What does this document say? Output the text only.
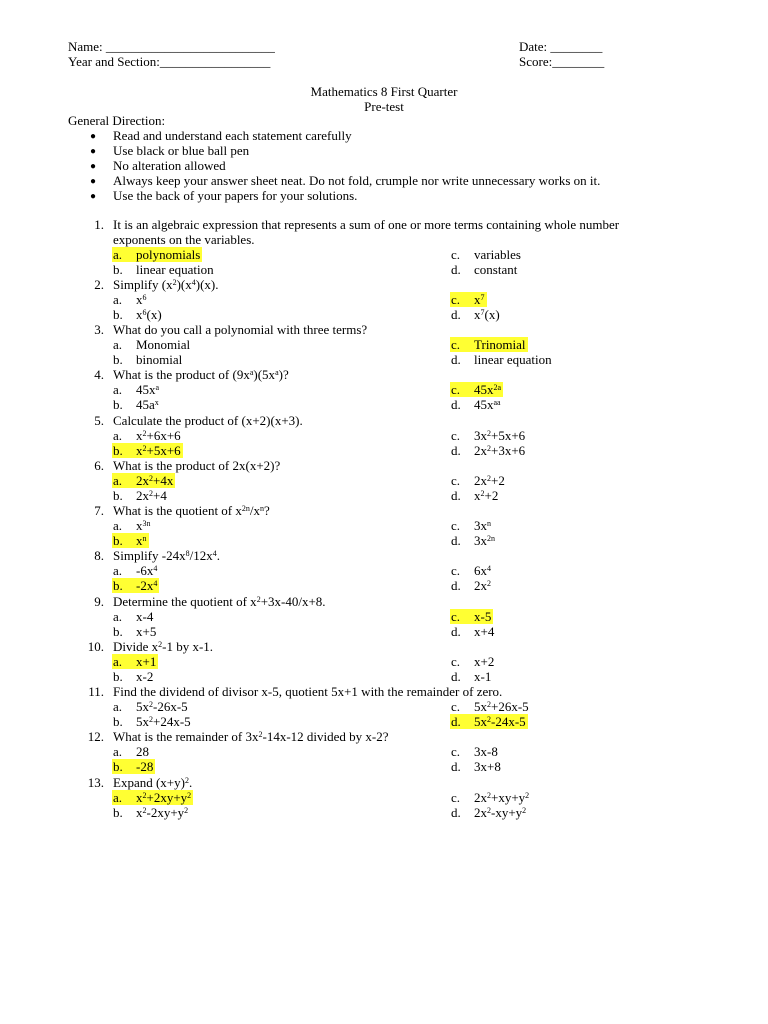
Name: __________________________	Date: ________
Year and Section:_________________	Score:________
Mathematics 8 First Quarter
Pre-test
General Direction:
● Read and understand each statement carefully
● Use black or blue ball pen
● No alteration allowed
● Always keep your answer sheet neat. Do not fold, crumple nor write unnecessary works on it.
● Use the back of your papers for your solutions.
1. It is an algebraic expression that represents a sum of one or more terms containing whole number
exponents on the variables.
a. polynomials	c. variables
b. linear equation	d. constant
2. Simplify $(x^2)(x^4)(x)$.
a. $x^6$	c. $x^7$
b. $x^6(x)$	d. $x^7(x)$
3. What do you call a polynomial with three terms?
a. Monomial	c. Trinomial
b. binomial	d. linear equation
4. What is the product of $(9x^a)(5x^a)$?
a. $45x^a$	c. $45x^{2a}$
b. $45a^x$	d. $45x^{aa}$
5. Calculate the product of (x+2)(x+3).
a. $x^2+6x+6$	c. $3x^2+5x+6$
b. $x^2+5x+6$	d. $2x^2+3x+6$
6. What is the product of 2x(x+2)?
a. $2x^2+4x$	c. $2x^2+2$
b. $2x^2+4$	d. $x^2+2$
7. What is the quotient of $x^{2n}/x^n$?
a. $x^{3n}$	c. $3x^n$
b. $x^n$	d. $3x^{2n}$
8. Simplify $-24x^8/12x^4$.
a. $-6x^4$	c. $6x^4$
b. $-2x^4$	d. $2x^2$
9. Determine the quotient of $x^2+3x-40/x+8$.
a. x-4	c. x-5
b. x+5	d. x+4
10. Divide $x^2-1$ by x-1.
a. x+1	c. x+2
b. x-2	d. x-1
11. Find the dividend of divisor x-5, quotient 5x+1 with the remainder of zero.
a. $5x^2-26x-5$	c. $5x^2+26x-5$
b. $5x^2+24x-5$	d. $5x^2-24x-5$
12. What is the remainder of $3x^2-14x-12$ divided by x-2?
a. 28	c. 3x-8
b. -28	d. 3x+8
13. Expand $(x+y)^2$.
a. $x^2+2xy+y^2$	c. $2x^2+xy+y^2$
b. $x^2-2xy+y^2$	d. $2x^2-xy+y^2$
